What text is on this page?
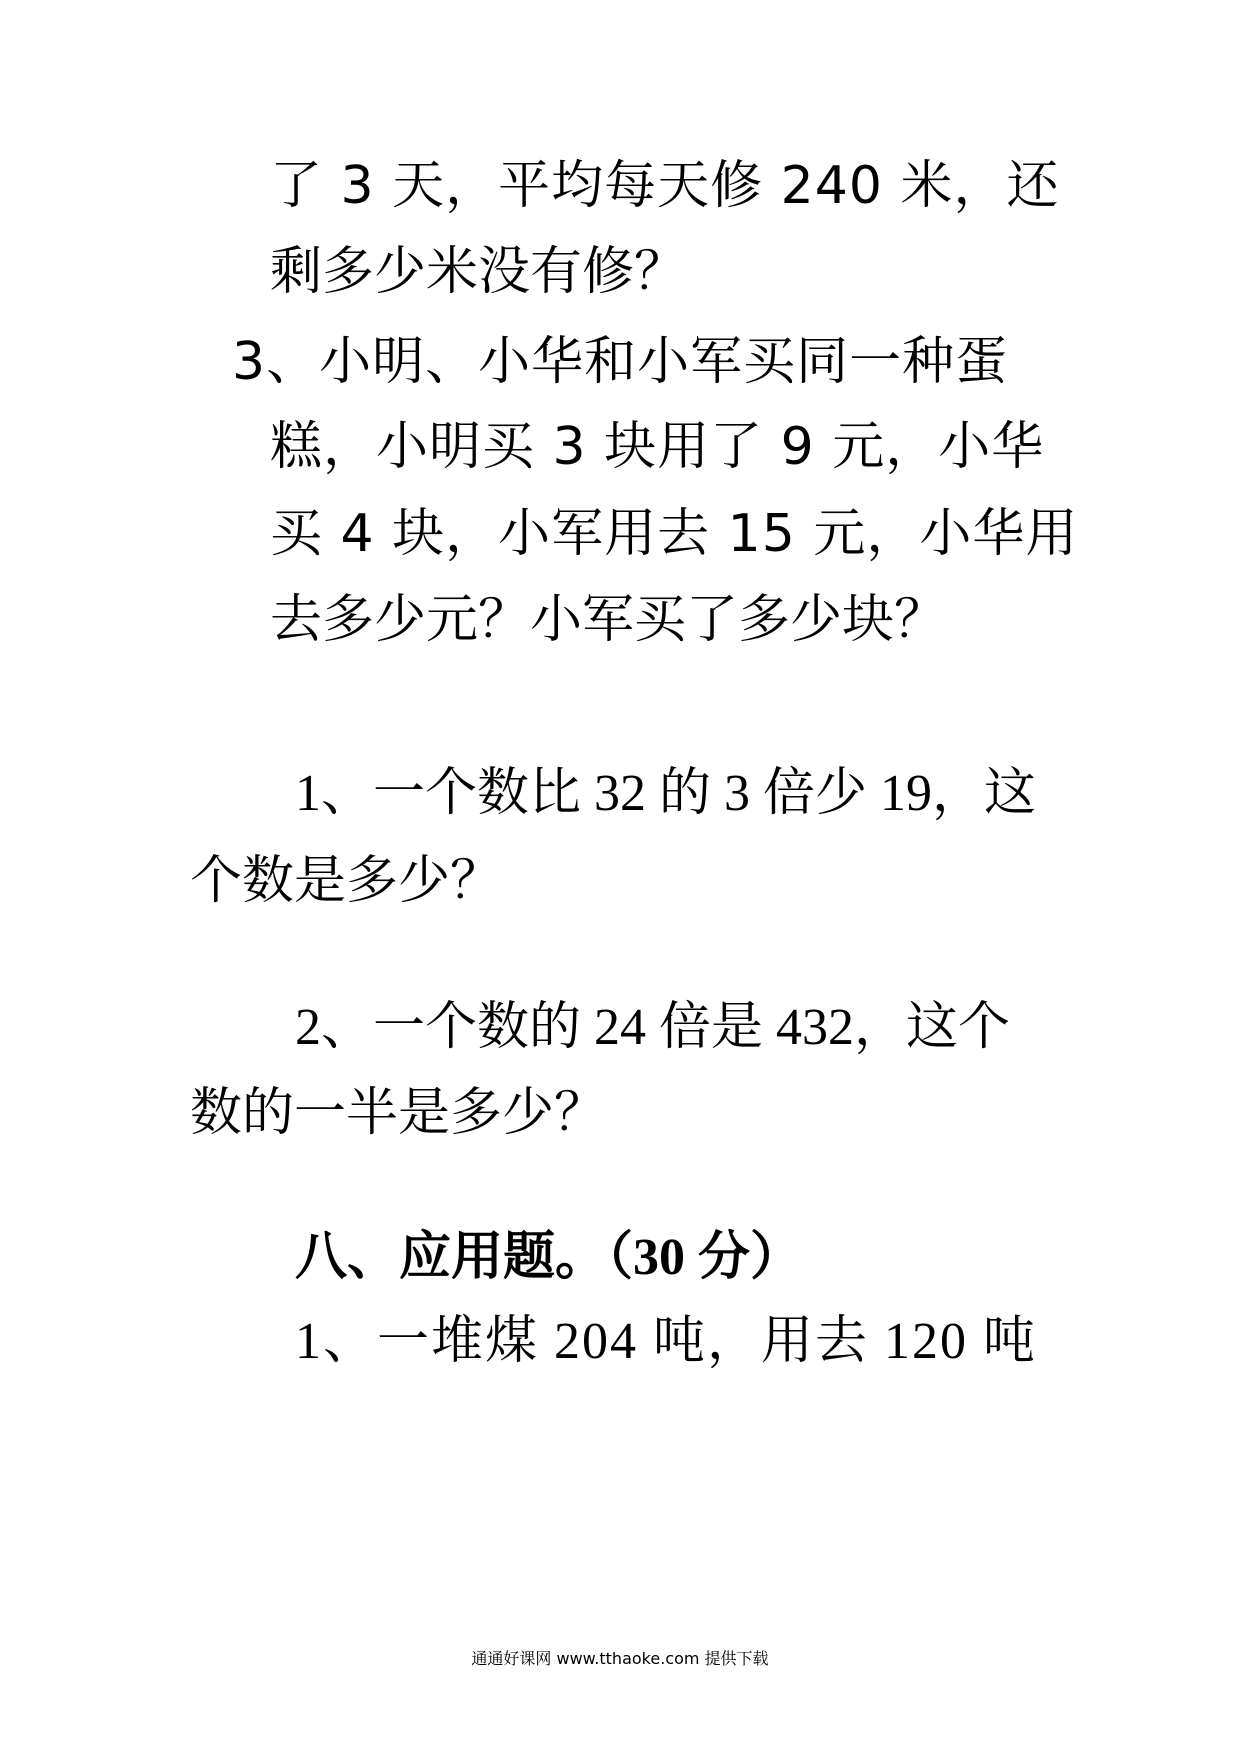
了 3 天，平均每天修 240 米，还
剩多少米没有修？
3、小明、小华和小军买同一种蛋
糕，小明买 3 块用了 9 元，小华
买 4 块，小军用去 15 元，小华用
去多少元？小军买了多少块？
1、一个数比 32 的 3 倍少 19，这
个数是多少？
2、一个数的 24 倍是 432，这个
数的一半是多少？
八、应用题。（30 分）
1、一堆煤 204 吨，用去 120 吨
通通好课网 www.tthaoke.com 提供下载
